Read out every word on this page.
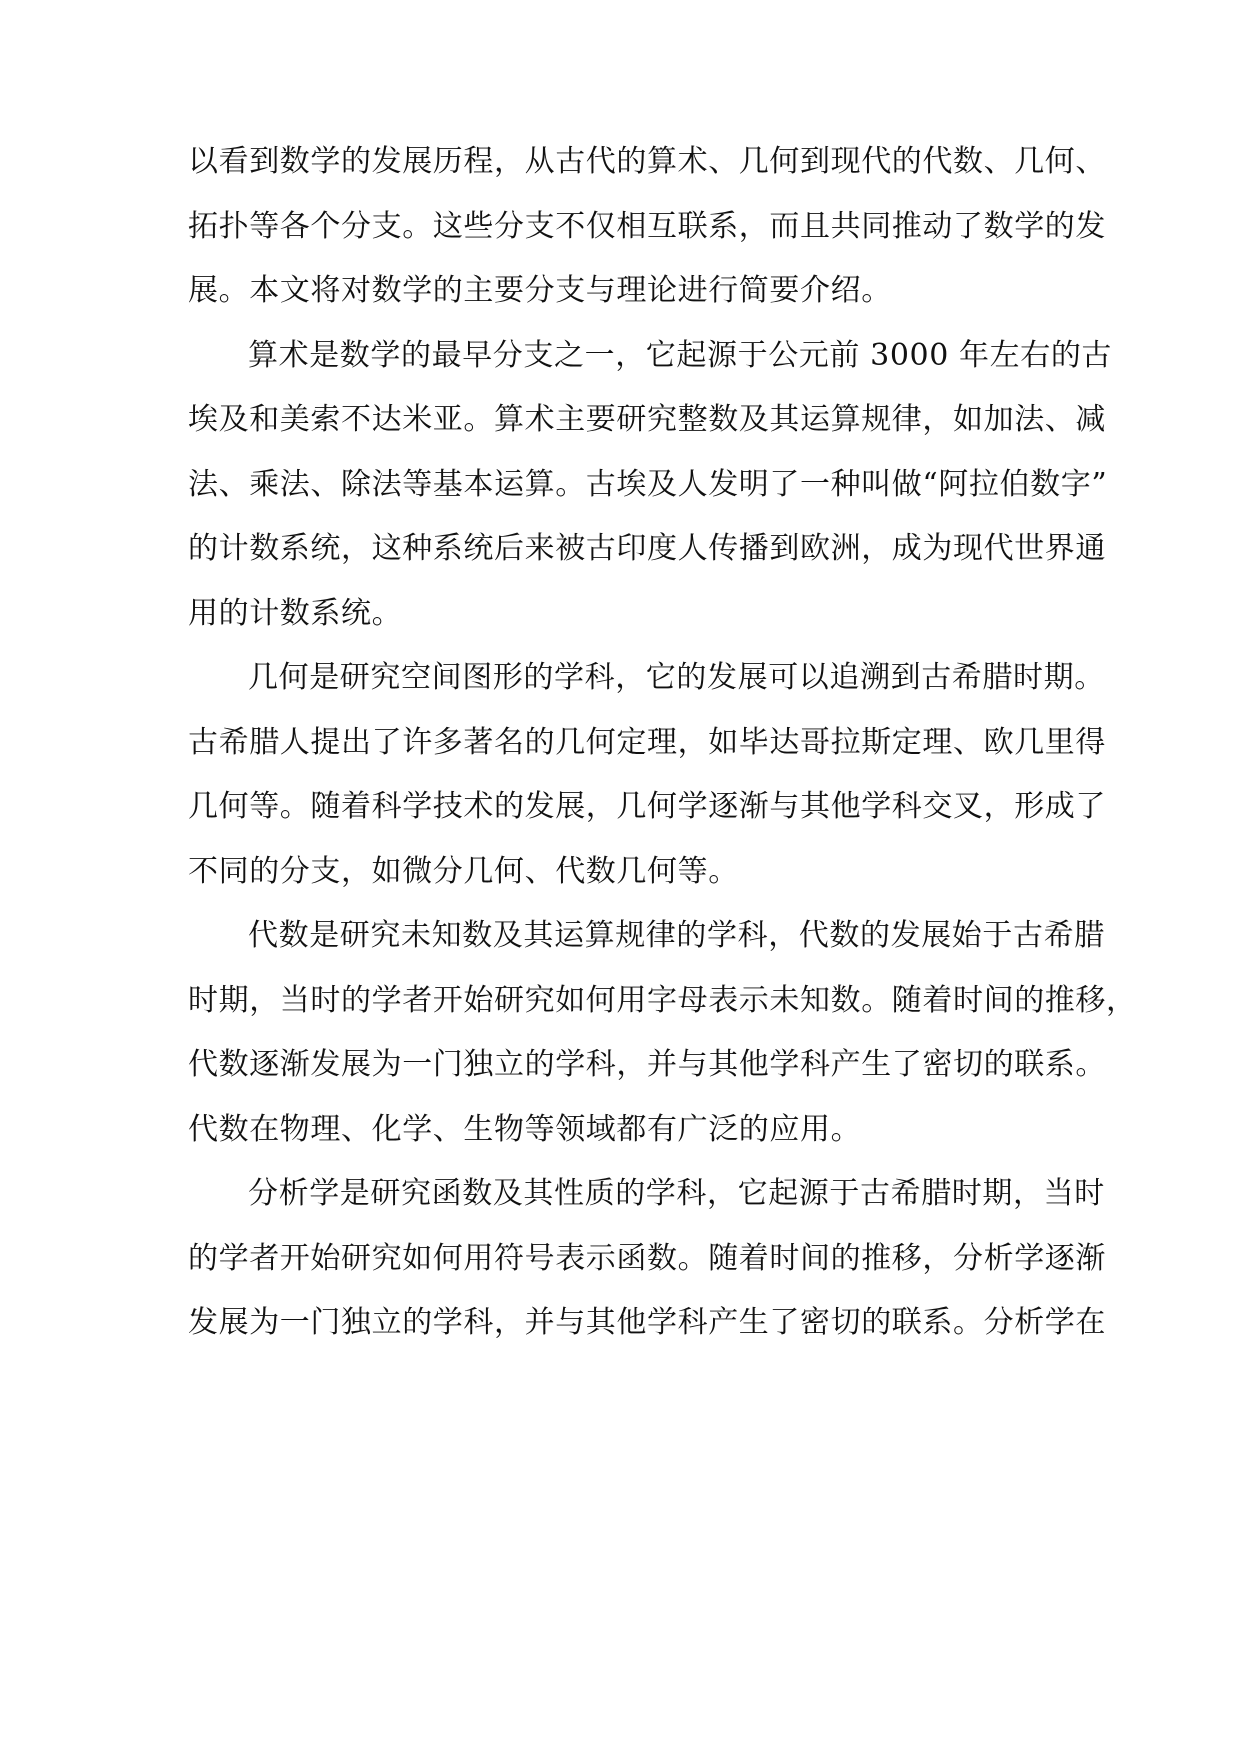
以看到数学的发展历程，从古代的算术、几何到现代的代数、几何、
拓扑等各个分支。这些分支不仅相互联系，而且共同推动了数学的发
展。本文将对数学的主要分支与理论进行简要介绍。

算术是数学的最早分支之一，它起源于公元前 3000 年左右的古
埃及和美索不达米亚。算术主要研究整数及其运算规律，如加法、减
法、乘法、除法等基本运算。古埃及人发明了一种叫做“阿拉伯数字”
的计数系统，这种系统后来被古印度人传播到欧洲，成为现代世界通
用的计数系统。

几何是研究空间图形的学科，它的发展可以追溯到古希腊时期。
古希腊人提出了许多著名的几何定理，如毕达哥拉斯定理、欧几里得
几何等。随着科学技术的发展，几何学逐渐与其他学科交叉，形成了
不同的分支，如微分几何、代数几何等。

代数是研究未知数及其运算规律的学科，代数的发展始于古希腊
时期，当时的学者开始研究如何用字母表示未知数。随着时间的推移，
代数逐渐发展为一门独立的学科，并与其他学科产生了密切的联系。
代数在物理、化学、生物等领域都有广泛的应用。

分析学是研究函数及其性质的学科，它起源于古希腊时期，当时
的学者开始研究如何用符号表示函数。随着时间的推移，分析学逐渐
发展为一门独立的学科，并与其他学科产生了密切的联系。分析学在
